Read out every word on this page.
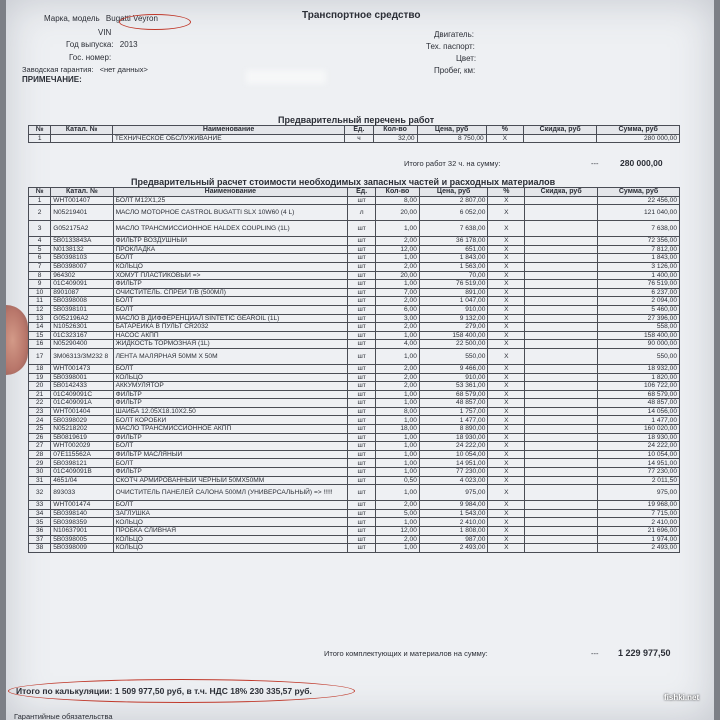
Марка, модель Bugatti Veyron
VIN
Год выпуска: 2013
Гос. номер:
Заводская гарантия: <нет данных>
ПРИМЕЧАНИЕ:
Транспортное средство
Двигатель:
Тех. паспорт:
Цвет:
Пробег, км:
Предварительный перечень работ
№	Катал. №	Наименование	Ед.	Кол-во	Цена, руб	%	Скидка, руб	Сумма, руб
1		ТЕХНИЧЕСКОЕ ОБСЛУЖИВАНИЕ	ч	32,00	8 750,00	X		280 000,00
Итого работ 32 ч. на сумму:	---	280 000,00
Предварительный расчет стоимости необходимых запасных частей и расходных материалов
№	Катал. №	Наименование	Ед.	Кол-во	Цена, руб	%	Скидка, руб	Сумма, руб
1	WHT001407	БОЛТ М12X1,25	шт	8,00	2 807,00	X		22 456,00
2	N05219401	МАСЛО МОТОРНОЕ CASTROL BUGATTI SLX 10W60 (4 L)	л	20,00	6 052,00	X		121 040,00
3	G052175A2	МАСЛО ТРАНСМИССИОННОЕ HALDEX COUPLING (1L)	шт	1,00	7 638,00	X		7 638,00
4	5B0133843A	ФИЛЬТР ВОЗДУШНЫЙ	шт	2,00	36 178,00	X		72 356,00
5	N0138132	ПРОКЛАДКА	шт	12,00	651,00	X		7 812,00
6	5B0398103	БОЛТ	шт	1,00	1 843,00	X		1 843,00
7	5B0398007	КОЛЬЦО	шт	2,00	1 563,00	X		3 126,00
8	964302	ХОМУТ ПЛАСТИКОВЫЙ =>	шт	20,00	70,00	X		1 400,00
9	01C409091	ФИЛЬТР	шт	1,00	76 519,00	X		76 519,00
10	8901087	ОЧИСТИТЕЛЬ. СПРЕЙ Т/В (500МЛ)	шт	7,00	891,00	X		6 237,00
11	5B0398008	БОЛТ	шт	2,00	1 047,00	X		2 094,00
12	5B0398101	БОЛТ	шт	6,00	910,00	X		5 460,00
13	G052196A2	МАСЛО В ДИФФЕРЕНЦИАЛ SINTETIC GEAROIL (1L)	шт	3,00	9 132,00	X		27 396,00
14	N10526301	БАТАРЕЙКА В ПУЛЬТ CR2032	шт	2,00	279,00	X		558,00
15	01C323167	НАСОС АКПП	шт	1,00	158 400,00	X		158 400,00
16	N05290400	ЖИДКОСТЬ ТОРМОЗНАЯ (1L)	шт	4,00	22 500,00	X		90 000,00
17	3M06313/3M232 8	ЛЕНТА МАЛЯРНАЯ 50ММ Х 50М	шт	1,00	550,00	X		550,00
18	WHT001473	БОЛТ	шт	2,00	9 466,00	X		18 932,00
19	5B0398001	КОЛЬЦО	шт	2,00	910,00	X		1 820,00
20	5B0142433	АККУМУЛЯТОР	шт	2,00	53 361,00	X		106 722,00
21	01C409091C	ФИЛЬТР	шт	1,00	68 579,00	X		68 579,00
22	01C409091A	ФИЛЬТР	шт	1,00	48 857,00	X		48 857,00
23	WHT001404	ШАЙБА 12.05X18.10X2.50	шт	8,00	1 757,00	X		14 056,00
24	5B0398029	БОЛТ КОРОБКИ	шт	1,00	1 477,00	X		1 477,00
25	N05218202	МАСЛО ТРАНСМИССИОННОЕ АКПП	шт	18,00	8 890,00	X		160 020,00
26	5B0819619	ФИЛЬТР	шт	1,00	18 930,00	X		18 930,00
27	WHT002029	БОЛТ	шт	1,00	24 222,00	X		24 222,00
28	07E115562A	ФИЛЬТР МАСЛЯНЫЙ	шт	1,00	10 054,00	X		10 054,00
29	5B0398121	БОЛТ	шт	1,00	14 951,00	X		14 951,00
30	01C409091B	ФИЛЬТР	шт	1,00	77 230,00	X		77 230,00
31	4651/04	СКОТЧ АРМИРОВАННЫЙ ЧЕРНЫЙ 50МХ50ММ	шт	0,50	4 023,00	X		2 011,50
32	893033	ОЧИСТИТЕЛЬ ПАНЕЛЕЙ САЛОНА 500МЛ (УНИВЕРСАЛЬНЫЙ) => !!!!!	шт	1,00	975,00	X		975,00
33	WHT001474	БОЛТ	шт	2,00	9 984,00	X		19 968,00
34	5B0398140	ЗАГЛУШКА	шт	5,00	1 543,00	X		7 715,00
35	5B0398359	КОЛЬЦО	шт	1,00	2 410,00	X		2 410,00
36	N10637901	ПРОБКА СЛИВНАЯ	шт	12,00	1 808,00	X		21 696,00
37	5B0398005	КОЛЬЦО	шт	2,00	987,00	X		1 974,00
38	5B0398009	КОЛЬЦО	шт	1,00	2 493,00	X		2 493,00
Итого комплектующих и материалов на сумму:	--- 1 229 977,50
Итого по калькуляции: 1 509 977,50 руб, в т.ч. НДС 18% 230 335,57 руб.
Гарантийные обязательства
fishki.net
